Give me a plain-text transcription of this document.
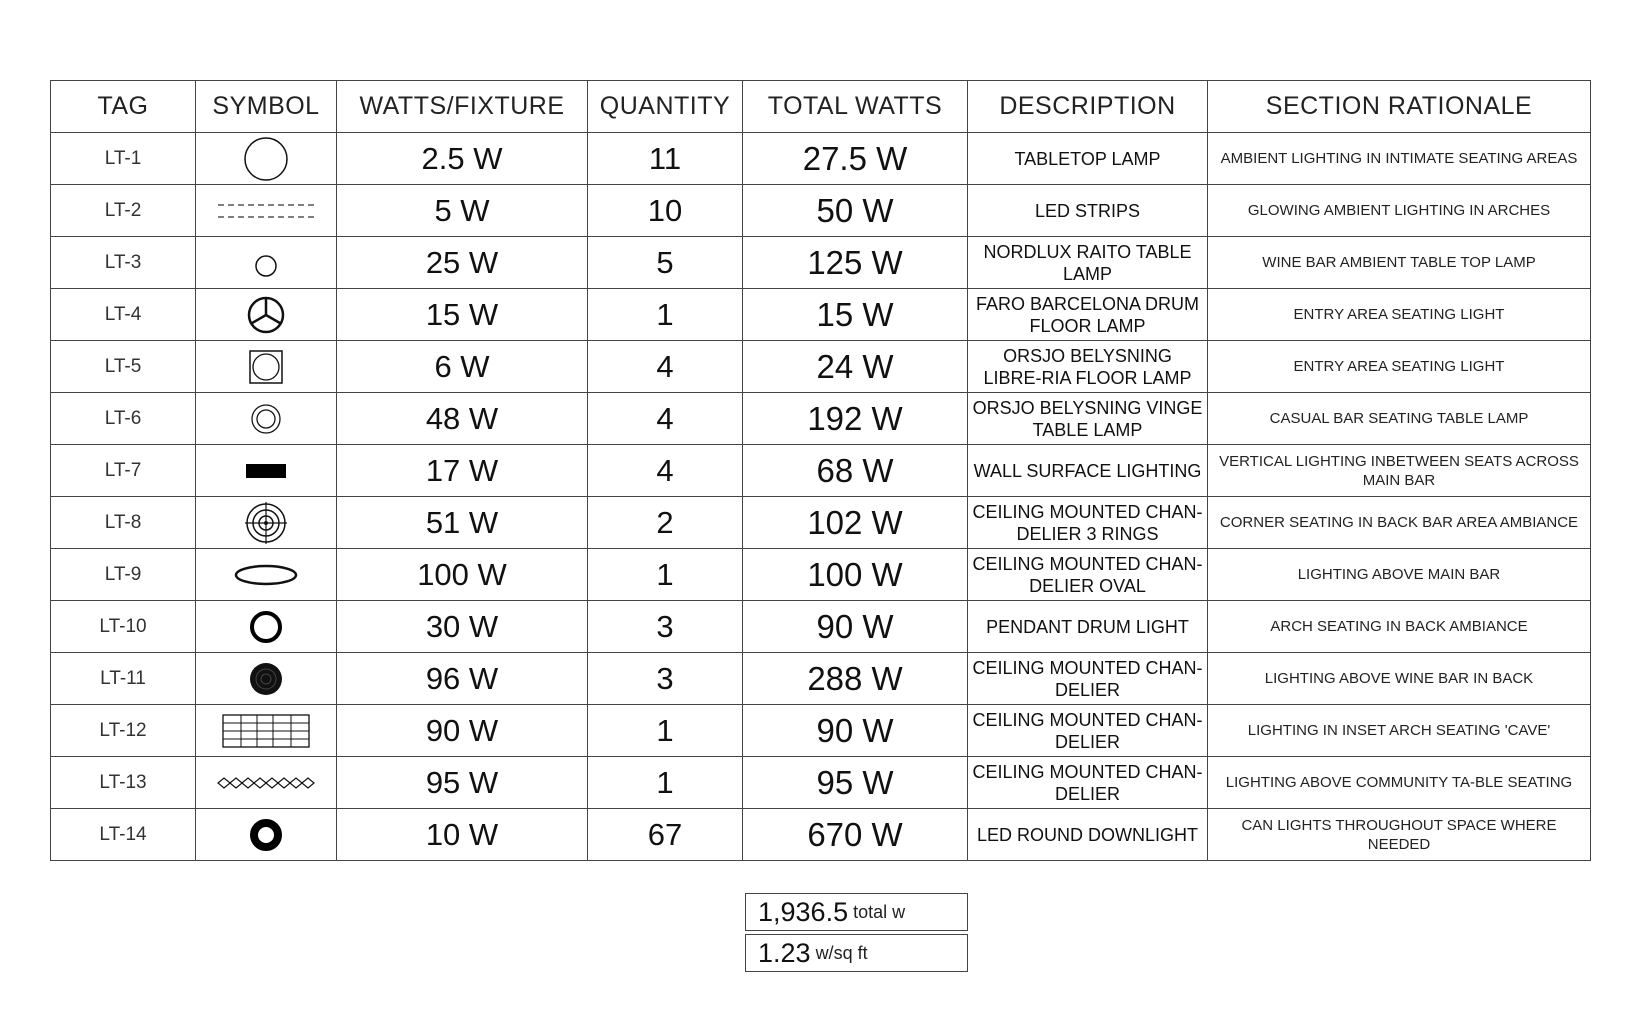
TAG	SYMBOL	WATTS/FIXTURE	QUANTITY	TOTAL WATTS	DESCRIPTION	SECTION RATIONALE
LT-1		2.5 W	11	27.5 W	TABLETOP LAMP	AMBIENT LIGHTING IN INTIMATE SEATING AREAS
LT-2		5 W	10	50 W	LED STRIPS	GLOWING AMBIENT LIGHTING IN ARCHES
LT-3		25 W	5	125 W	NORDLUX RAITO TABLE LAMP	WINE BAR AMBIENT TABLE TOP LAMP
LT-4		15 W	1	15 W	FARO BARCELONA DRUM FLOOR LAMP	ENTRY AREA SEATING LIGHT
LT-5		6 W	4	24 W	ORSJO BELYSNING LIBRE-RIA FLOOR LAMP	ENTRY AREA SEATING LIGHT
LT-6		48 W	4	192 W	ORSJO BELYSNING VINGE TABLE LAMP	CASUAL BAR SEATING TABLE LAMP
LT-7		17 W	4	68 W	WALL SURFACE LIGHTING	VERTICAL LIGHTING INBETWEEN SEATS ACROSS MAIN BAR
LT-8		51 W	2	102 W	CEILING MOUNTED CHAN-DELIER 3 RINGS	CORNER SEATING IN BACK BAR AREA AMBIANCE
LT-9		100 W	1	100 W	CEILING MOUNTED CHAN-DELIER OVAL	LIGHTING ABOVE MAIN BAR
LT-10		30 W	3	90 W	PENDANT DRUM LIGHT	ARCH SEATING IN BACK AMBIANCE
LT-11		96 W	3	288 W	CEILING MOUNTED CHAN-DELIER	LIGHTING ABOVE WINE BAR IN BACK
LT-12		90 W	1	90 W	CEILING MOUNTED CHAN-DELIER	LIGHTING IN INSET ARCH SEATING 'CAVE'
LT-13		95 W	1	95 W	CEILING MOUNTED CHAN-DELIER	LIGHTING ABOVE COMMUNITY TA-BLE SEATING
LT-14		10 W	67	670 W	LED ROUND DOWNLIGHT	CAN LIGHTS THROUGHOUT SPACE WHERE NEEDED
1,936.5 total w
1.23 w/sq ft
